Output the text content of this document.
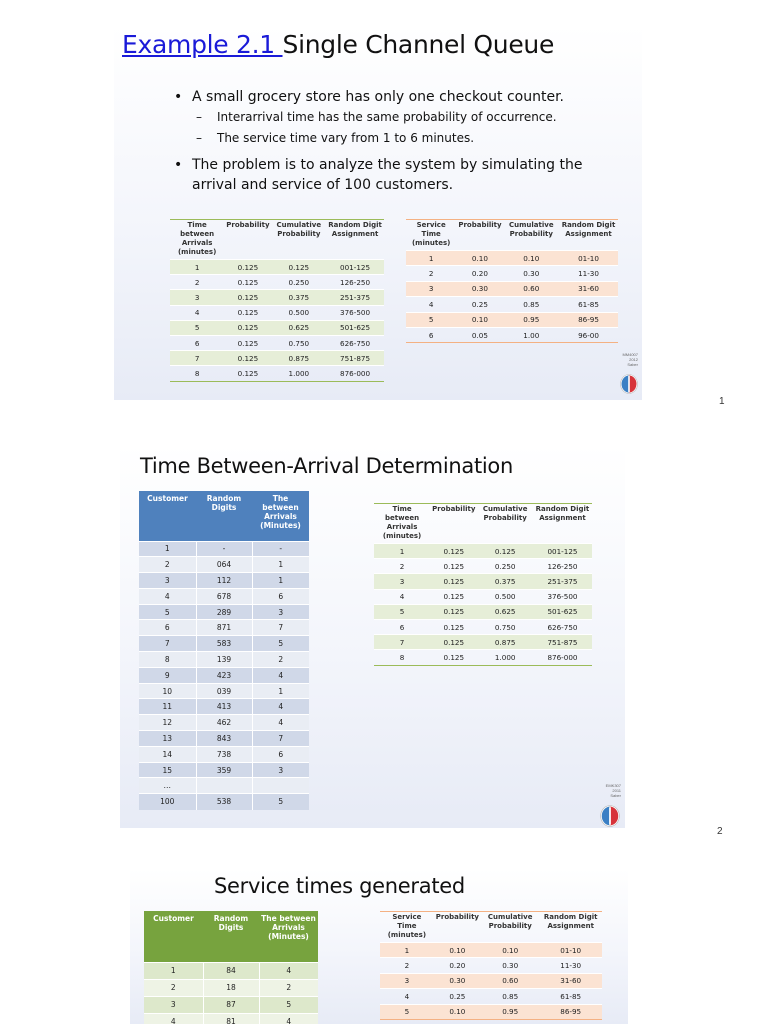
Example 2.1 Single Channel Queue
• A small grocery store has only one checkout counter.
– Interarrival time has the same probability of occurrence.
– The service time vary from 1 to 6 minutes.
• The problem is to analyze the system by simulating the
arrival and service of 100 customers.
Time between Arrivals (minutes)	Probability	Cumulative Probability	Random Digit Assignment
1	0.125	0.125	001-125
2	0.125	0.250	126-250
3	0.125	0.375	251-375
4	0.125	0.500	376-500
5	0.125	0.625	501-625
6	0.125	0.750	626-750
7	0.125	0.875	751-875
8	0.125	1.000	876-000
Service Time (minutes)	Probability	Cumulative Probability	Random Digit Assignment
1	0.10	0.10	01-10
2	0.20	0.30	11-30
3	0.30	0.60	31-60
4	0.25	0.85	61-85
5	0.10	0.95	86-95
6	0.05	1.00	96-00
MM4007
2012
Saber
1
Time Between-Arrival Determination
Customer	Random Digits	The between Arrivals (Minutes)
1	-	-
2	064	1
3	112	1
4	678	6
5	289	3
6	871	7
7	583	5
8	139	2
9	423	4
10	039	1
11	413	4
12	462	4
13	843	7
14	738	6
15	359	3
…		
100	538	5
Time between Arrivals (minutes)	Probability	Cumulative Probability	Random Digit Assignment
1	0.125	0.125	001-125
2	0.125	0.250	126-250
3	0.125	0.375	251-375
4	0.125	0.500	376-500
5	0.125	0.625	501-625
6	0.125	0.750	626-750
7	0.125	0.875	751-875
8	0.125	1.000	876-000
EMK307
2011
Saber
2
Service times generated
Customer	Random Digits	The between Arrivals (Minutes)
1	84	4
2	18	2
3	87	5
4	81	4
Service Time (minutes)	Probability	Cumulative Probability	Random Digit Assignment
1	0.10	0.10	01-10
2	0.20	0.30	11-30
3	0.30	0.60	31-60
4	0.25	0.85	61-85
5	0.10	0.95	86-95
